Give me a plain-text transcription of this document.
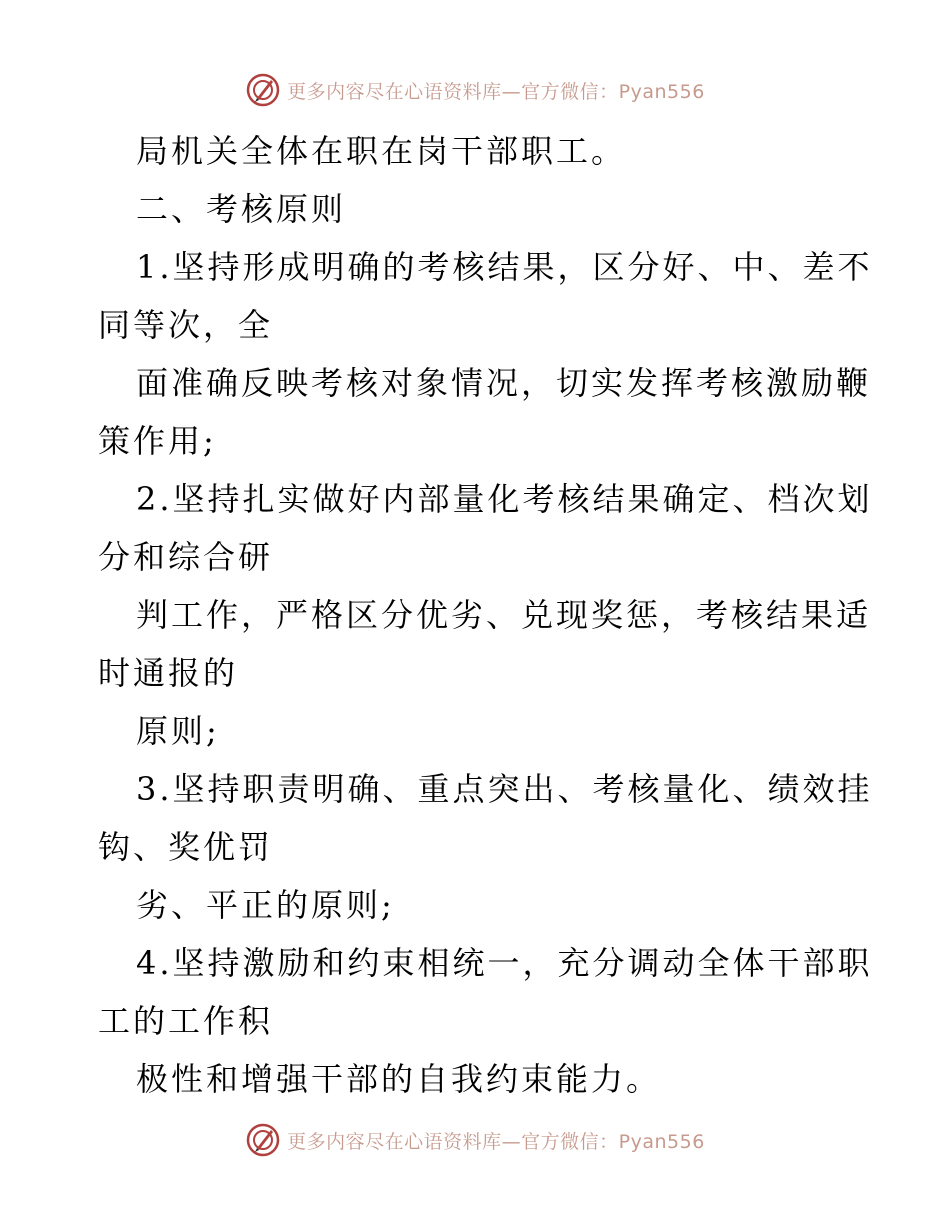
更多内容尽在心语资料库—官方微信：Pyan556
局机关全体在职在岗干部职工。
二、考核原则
1.坚持形成明确的考核结果，区分好、中、差不
同等次，全
面准确反映考核对象情况，切实发挥考核激励鞭
策作用;
2.坚持扎实做好内部量化考核结果确定、档次划
分和综合研
判工作，严格区分优劣、兑现奖惩，考核结果适
时通报的
原则;
3.坚持职责明确、重点突出、考核量化、绩效挂
钩、奖优罚
劣、平正的原则;
4.坚持激励和约束相统一，充分调动全体干部职
工的工作积
极性和增强干部的自我约束能力。
更多内容尽在心语资料库—官方微信：Pyan556
